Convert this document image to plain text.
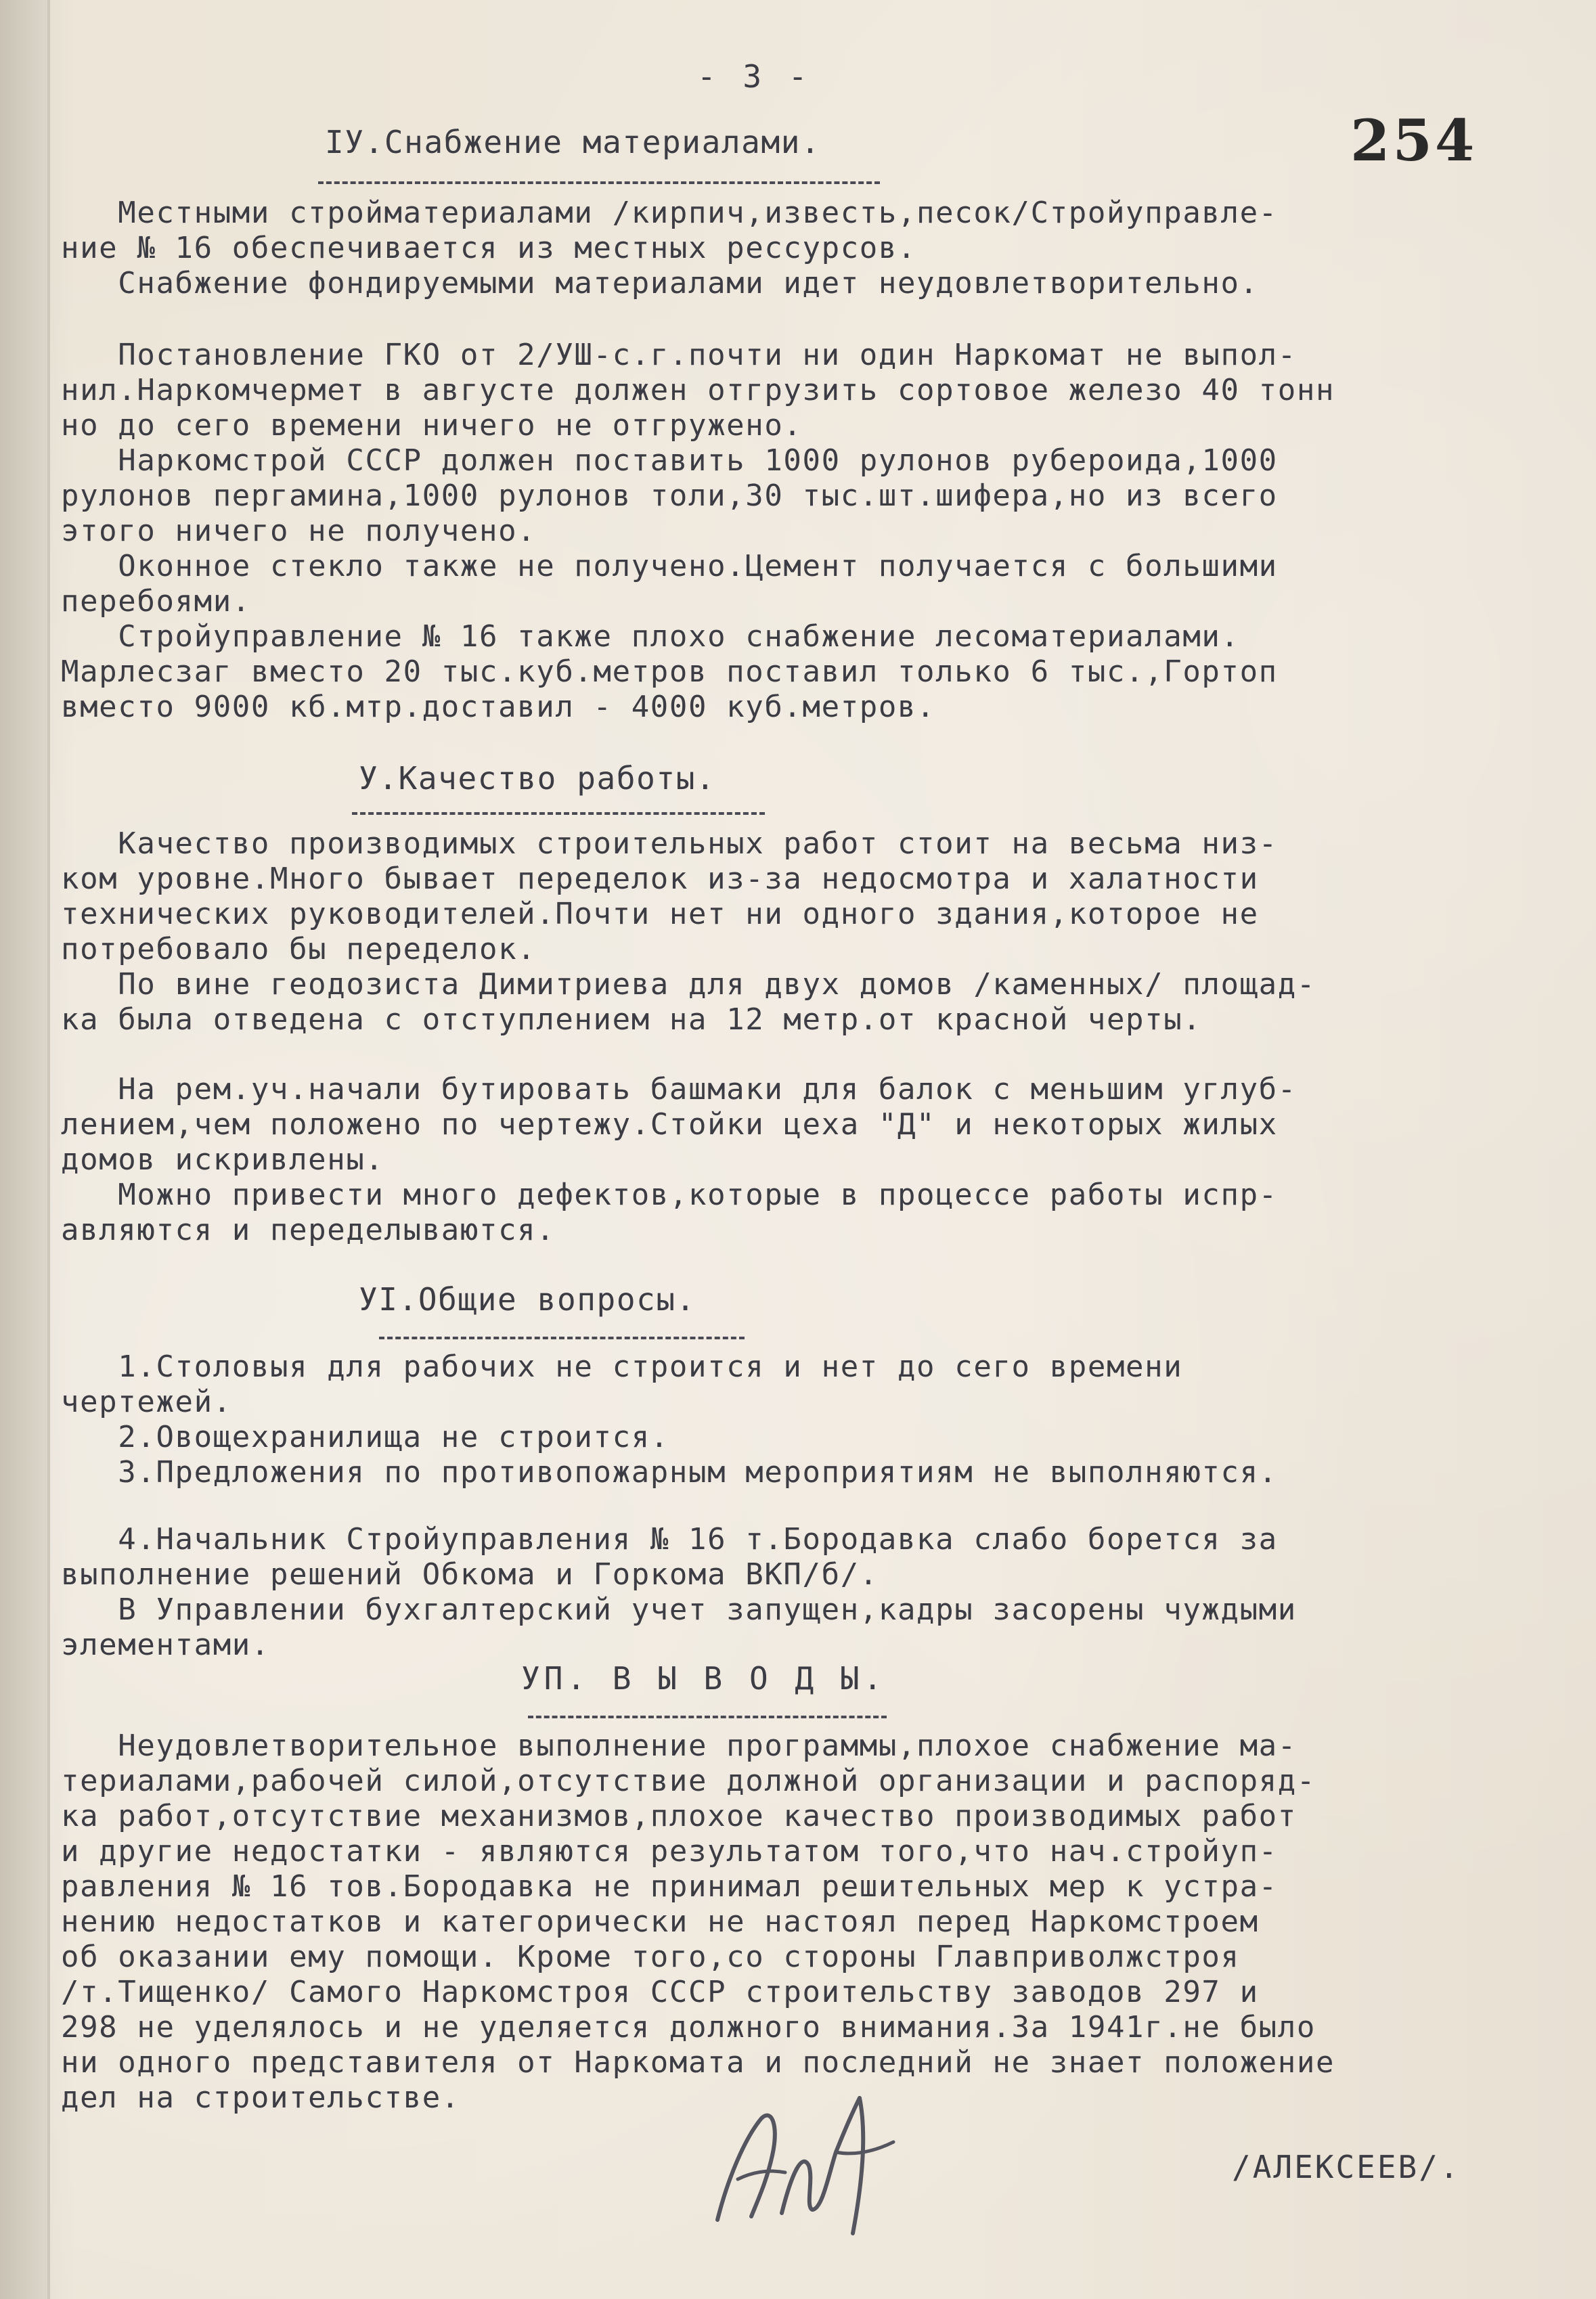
- 3 -
254
IУ.Снабжение материалами.
Местными стройматериалами /кирпич,известь,песок/Стройуправле-
ние № 16 обеспечивается из местных рессурсов.
Снабжение фондируемыми материалами идет неудовлетворительно.
Постановление ГКО от 2/УШ-с.г.почти ни один Наркомат не выпол-
нил.Наркомчермет в августе должен отгрузить сортовое железо 40 тонн
но до сего времени ничего не отгружено.
Наркомстрой СССР должен поставить 1000 рулонов рубероида,1000
рулонов пергамина,1000 рулонов толи,30 тыс.шт.шифера,но из всего
этого ничего не получено.
Оконное стекло также не получено.Цемент получается с большими
перебоями.
Стройуправление № 16 также плохо снабжение лесоматериалами.
Марлесзаг вместо 20 тыс.куб.метров поставил только 6 тыс.,Гортоп
вместо 9000 кб.мтр.доставил - 4000 куб.метров.
У.Качество работы.
Качество производимых строительных работ стоит на весьма низ-
ком уровне.Много бывает переделок из-за недосмотра и халатности
технических руководителей.Почти нет ни одного здания,которое не
потребовало бы переделок.
По вине геодозиста Димитриева для двух домов /каменных/ площад-
ка была отведена с отступлением на 12 метр.от красной черты.
На рем.уч.начали бутировать башмаки для балок с меньшим углуб-
лением,чем положено по чертежу.Стойки цеха "Д" и некоторых жилых
домов искривлены.
Можно привести много дефектов,которые в процессе работы испр-
авляются и переделываются.
УI.Общие вопросы.
1.Столовыя для рабочих не строится и нет до сего времени
чертежей.
2.Овощехранилища не строится.
3.Предложения по противопожарным мероприятиям не выполняются.
4.Начальник Стройуправления № 16 т.Бородавка слабо борется за
выполнение решений Обкома и Горкома ВКП/б/.
В Управлении бухгалтерский учет запущен,кадры засорены чуждыми
элементами.
УП. В Ы В О Д Ы.
Неудовлетворительное выполнение программы,плохое снабжение ма-
териалами,рабочей силой,отсутствие должной организации и распоряд-
ка работ,отсутствие механизмов,плохое качество производимых работ
и другие недостатки - являются результатом того,что нач.стройуп-
равления № 16 тов.Бородавка не принимал решительных мер к устра-
нению недостатков и категорически не настоял перед Наркомстроем
об оказании ему помощи. Кроме того,со стороны Главприволжстроя
/т.Тищенко/ Самого Наркомстроя СССР строительству заводов 297 и
298 не уделялось и не уделяется должного внимания.За 1941г.не было
ни одного представителя от Наркомата и последний не знает положение
дел на строительстве.
/АЛЕКСЕЕВ/.
